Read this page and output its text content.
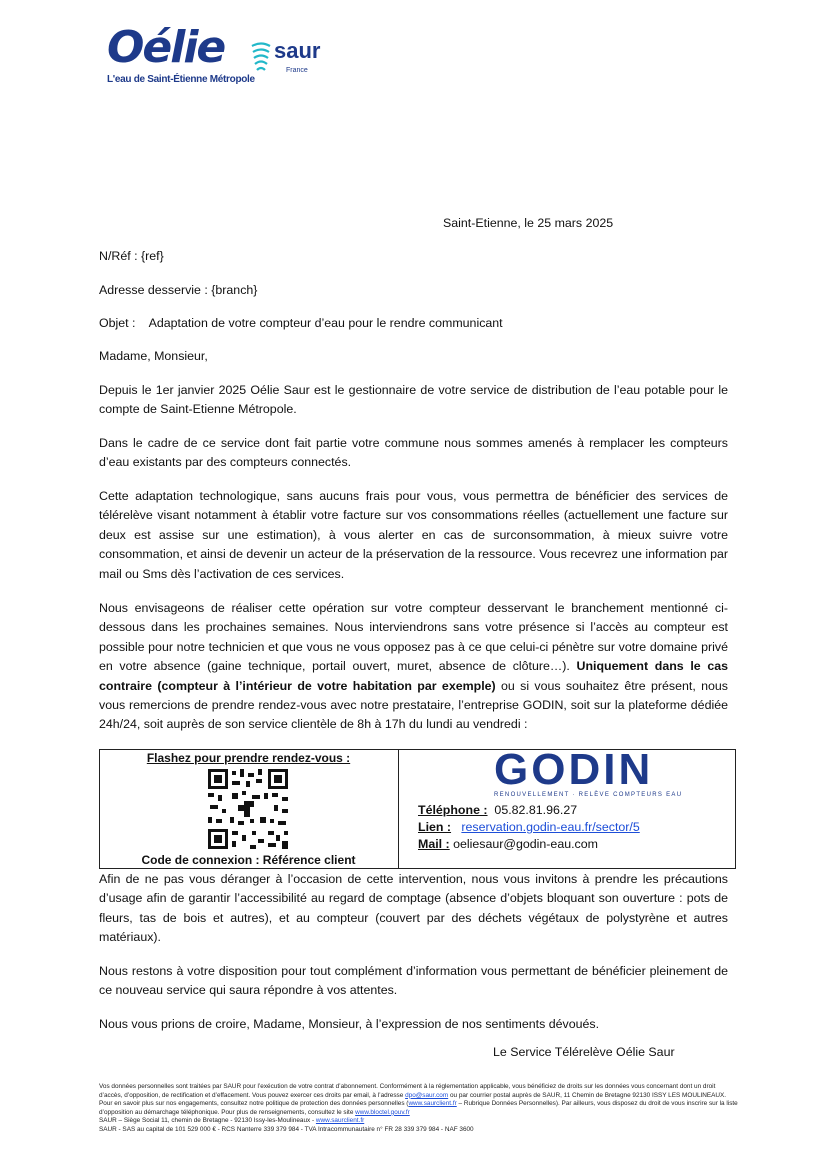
Oélie
L'eau de Saint-Étienne Métropole
saur
France
Saint-Etienne, le 25 mars 2025
N/Réf : {ref}
Adresse desservie : {branch}
Objet :    Adaptation de votre compteur d’eau pour le rendre communicant
Madame, Monsieur,
Depuis le 1er janvier 2025 Oélie Saur est le gestionnaire de votre service de distribution de l’eau potable pour le compte de Saint-Etienne Métropole.
Dans le cadre de ce service dont fait partie votre commune nous sommes amenés à remplacer les compteurs d’eau existants par des compteurs connectés.
Cette adaptation technologique, sans aucuns frais pour vous, vous permettra de bénéficier des services de télérelève visant notamment à établir votre facture sur vos consommations réelles (actuellement une facture sur deux est assise sur une estimation), à vous alerter en cas de surconsommation, à mieux suivre votre consommation, et ainsi de devenir un acteur de la préservation de la ressource. Vous recevrez une information par mail ou Sms dès l’activation de ces services.
Nous envisageons de réaliser cette opération sur votre compteur desservant le branchement mentionné ci-dessous dans les prochaines semaines. Nous interviendrons sans votre présence si l’accès au compteur est possible pour notre technicien et que vous ne vous opposez pas à ce que celui-ci pénètre sur votre domaine privé en votre absence (gaine technique, portail ouvert, muret, absence de clôture…). Uniquement dans le cas contraire (compteur à l’intérieur de votre habitation par exemple) ou si vous souhaitez être présent, nous vous remercions de prendre rendez-vous avec notre prestataire, l’entreprise GODIN, soit sur la plateforme dédiée 24h/24, soit auprès de son service clientèle de 8h à 17h du lundi au vendredi :
Flashez pour prendre rendez-vous :
Code de connexion : Référence client
GODIN
RENOUVELLEMENT · RELÈVE COMPTEURS EAU
Téléphone : 05.82.81.96.27
Lien : reservation.godin-eau.fr/sector/5
Mail : oeliesaur@godin-eau.com
Afin de ne pas vous déranger à l’occasion de cette intervention, nous vous invitons à prendre les précautions d’usage afin de garantir l’accessibilité au regard de comptage (absence d’objets bloquant son ouverture : pots de fleurs, tas de bois et autres), et au compteur (couvert par des déchets végétaux de polystyrène et autres matériaux).
Nous restons à votre disposition pour tout complément d’information vous permettant de bénéficier pleinement de ce nouveau service qui saura répondre à vos attentes.
Nous vous prions de croire, Madame, Monsieur, à l’expression de nos sentiments dévoués.
Le Service Télérelève Oélie Saur
Vos données personnelles sont traitées par SAUR pour l’exécution de votre contrat d’abonnement. Conformément à la réglementation applicable, vous bénéficiez de droits sur les données vous concernant dont un droit d’accès, d’opposition, de rectification et d’effacement. Vous pouvez exercer ces droits par email, à l’adresse dpo@saur.com ou par courrier postal auprès de SAUR, 11 Chemin de Bretagne 92130 ISSY LES MOULINEAUX. Pour en savoir plus sur nos engagements, consultez notre politique de protection des données personnelles (www.saurclient.fr – Rubrique Données Personnelles). Par ailleurs, vous disposez du droit de vous inscrire sur la liste d’opposition au démarchage téléphonique. Pour plus de renseignements, consultez le site www.bloctel.gouv.fr
SAUR – Siège Social 11, chemin de Bretagne - 92130 Issy-les-Moulineaux - www.saurclient.fr
SAUR - SAS au capital de 101 529 000 € - RCS Nanterre 339 379 984 - TVA Intracommunautaire n° FR 28 339 379 984 - NAF 3600
